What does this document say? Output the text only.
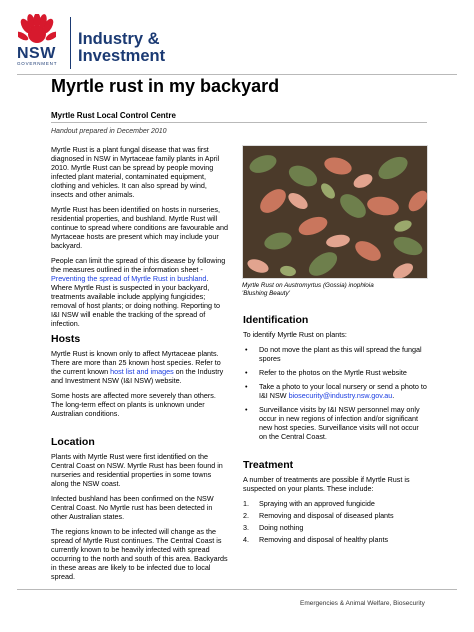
NSW
GOVERNMENT
Industry &
Investment
Myrtle rust in my backyard
Myrtle Rust Local Control Centre
Handout prepared in December 2010

Myrtle Rust is a plant fungal disease that was first diagnosed in NSW in Myrtaceae family plants in April 2010. Myrtle Rust can be spread by people moving infected plant material, contaminated equipment, clothing and vehicles. It can also spread by wind, insects and other animals.

Myrtle Rust has been identified on hosts in nurseries, residential properties, and bushland. Myrtle Rust will continue to spread where conditions are favourable and Myrtaceae hosts are present which may include your backyard.

People can limit the spread of this disease by following the measures outlined in the information sheet - Preventing the spread of Myrtle Rust in bushland. Where Myrtle Rust is suspected in your backyard, treatments available include applying fungicides; removal of host plants; or doing nothing. Reporting to I&I NSW will enable the tracking of the spread of infection.

Hosts

Myrtle Rust is known only to affect Myrtaceae plants. There are more than 25 known host species. Refer to the current known host list and images on the Industry and Investment NSW (I&I NSW) website.

Some hosts are affected more severely than others. The long-term effect on plants is unknown under Australian conditions.

Location

Plants with Myrtle Rust were first identified on the Central Coast on NSW. Myrtle Rust has been found in nurseries and residential properties in some towns along the NSW coast.

Infected bushland has been confirmed on the NSW Central Coast. No Myrtle rust has been detected in other Australian states.

The regions known to be infected will change as the spread of Myrtle Rust continues. The Central Coast is currently known to be heavily infected with spread occurring to the north and south of this area. Backyards in these areas are likely to be infected due to local spread.

Myrtle Rust on Austromyrtus (Gossia) inophloia
'Blushing Beauty'
Identification

To identify Myrtle Rust on plants:

• Do not move the plant as this will spread the fungal spores
• Refer to the photos on the Myrtle Rust website
• Take a photo to your local nursery or send a photo to I&I NSW biosecurity@industry.nsw.gov.au.
• Surveillance visits by I&I NSW personnel may only occur in new regions of infection and/or significant new host species. Surveillance visits will not occur on the Central Coast.
Treatment

A number of treatments are possible if Myrtle Rust is suspected on your plants. These include:

1. Spraying with an approved fungicide
2. Removing and disposal of diseased plants
3. Doing nothing
4. Removing and disposal of healthy plants
Emergencies & Animal Welfare, Biosecurity
